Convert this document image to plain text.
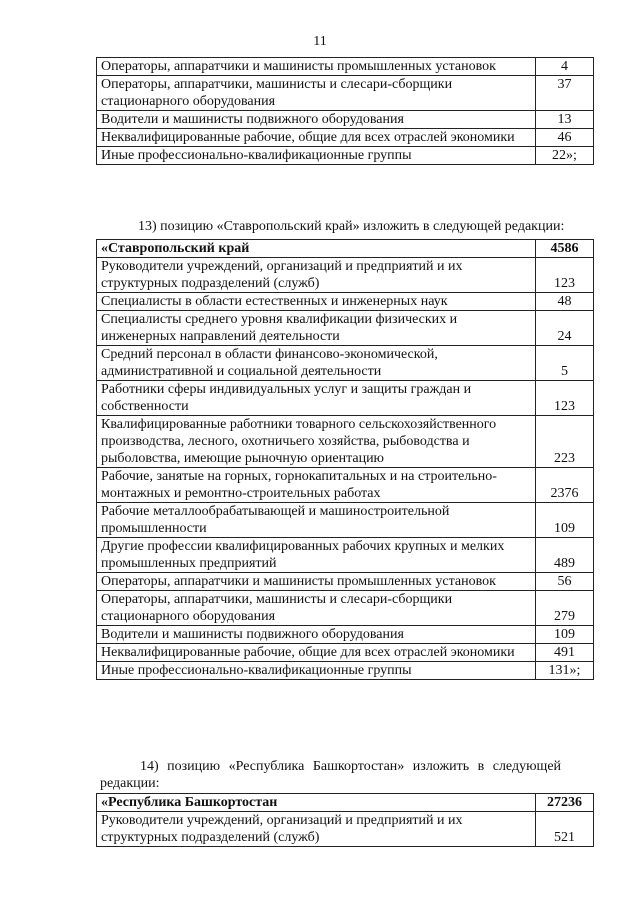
11
Операторы, аппаратчики и машинисты промышленных установок	4
Операторы, аппаратчики, машинисты и слесари-сборщики стационарного оборудования	37
Водители и машинисты подвижного оборудования	13
Неквалифицированные рабочие, общие для всех отраслей экономики	46
Иные профессионально-квалификационные группы	22»;
13) позицию «Ставропольский край» изложить в следующей редакции:
«Ставропольский край	4586
Руководители учреждений, организаций и предприятий и их структурных подразделений (служб)	123
Специалисты в области естественных и инженерных наук	48
Специалисты среднего уровня квалификации физических и инженерных направлений деятельности	24
Средний персонал в области финансово-экономической, административной и социальной деятельности	5
Работники сферы индивидуальных услуг и защиты граждан и собственности	123
Квалифицированные работники товарного сельскохозяйственного производства, лесного, охотничьего хозяйства, рыбоводства и рыболовства, имеющие рыночную ориентацию	223
Рабочие, занятые на горных, горнокапитальных и на строительно-монтажных и ремонтно-строительных работах	2376
Рабочие металлообрабатывающей и машиностроительной промышленности	109
Другие профессии квалифицированных рабочих крупных и мелких промышленных предприятий	489
Операторы, аппаратчики и машинисты промышленных установок	56
Операторы, аппаратчики, машинисты и слесари-сборщики стационарного оборудования	279
Водители и машинисты подвижного оборудования	109
Неквалифицированные рабочие, общие для всех отраслей экономики	491
Иные профессионально-квалификационные группы	131»;
14) позицию «Республика Башкортостан» изложить в следующей
редакции:
«Республика Башкортостан	27236
Руководители учреждений, организаций и предприятий и их структурных подразделений (служб)	521
